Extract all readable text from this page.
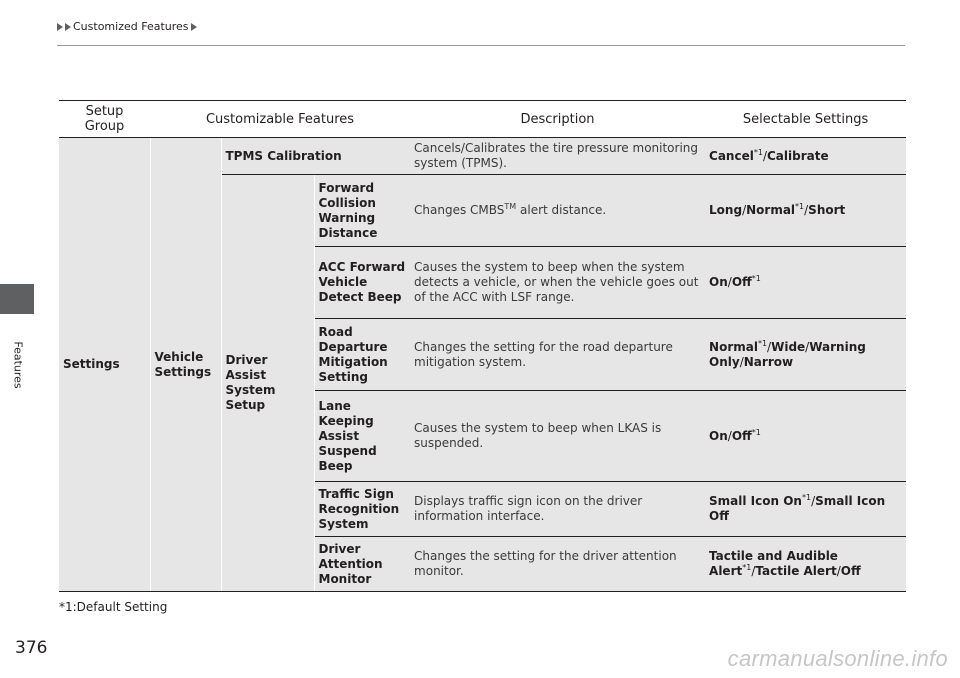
Features
Customized Features
Setup Group	Customizable Features			Description	Selectable Settings
Settings	Vehicle Settings	TPMS Calibration		Cancels/Calibrates the tire pressure monitoring system (TPMS).	Cancel$^{*1}$/Calibrate
		Driver Assist System Setup	Forward Collision Warning Distance	Changes CMBS™ alert distance.	Long/Normal$^{*1}$/Short
			ACC Forward Vehicle Detect Beep	Causes the system to beep when the system detects a vehicle, or when the vehicle goes out of the ACC with LSF range.	On/Off$^{*1}$
			Road Departure Mitigation Setting	Changes the setting for the road departure mitigation system.	Normal$^{*1}$/Wide/Warning Only/Narrow
			Lane Keeping Assist Suspend Beep	Causes the system to beep when LKAS is suspended.	On/Off$^{*1}$
			Traffic Sign Recognition System	Displays traffic sign icon on the driver information interface.	Small Icon On$^{*1}$/Small Icon Off
			Driver Attention Monitor	Changes the setting for the driver attention monitor.	Tactile and Audible Alert$^{*1}$/Tactile Alert/Off
*1:Default Setting
376	carmanualsonline.info
